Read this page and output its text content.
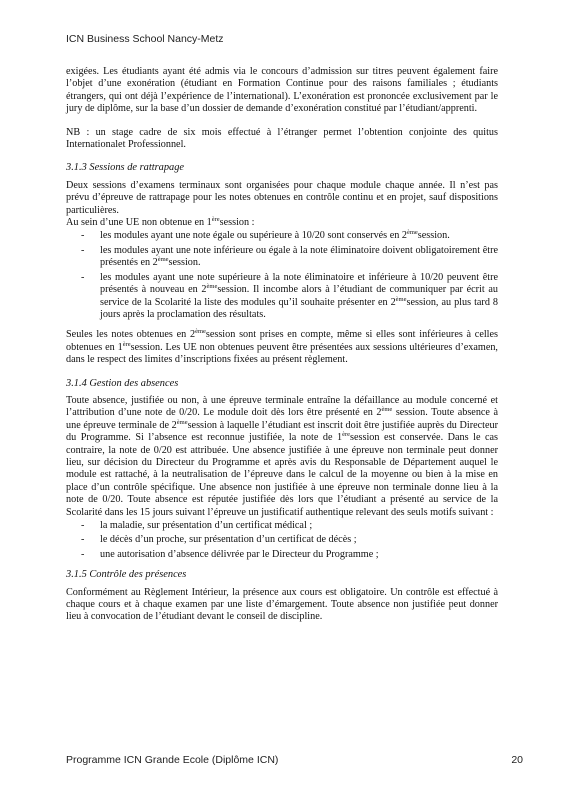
ICN Business School Nancy-Metz

exigées. Les étudiants ayant été admis via le concours d’admission sur titres peuvent également faire l’objet d’une exonération (étudiant en Formation Continue pour des raisons familiales ; étudiants étrangers, qui ont déjà l’expérience de l’international). L’exonération est prononcée exclusivement par le jury de diplôme, sur la base d’un dossier de demande d’exonération constitué par l’étudiant/apprenti.

NB : un stage cadre de six mois effectué à l’étranger permet l’obtention conjointe des quitus Internationalet Professionnel.

3.1.3 Sessions de rattrapage

Deux sessions d’examens terminaux sont organisées pour chaque module chaque année. Il n’est pas prévu d’épreuve de rattrapage pour les notes obtenues en contrôle continu et en projet, sauf dispositions particulières.

Au sein d’une UE non obtenue en 1èresession :

- les modules ayant une note égale ou supérieure à 10/20 sont conservés en 2èmesession.
- les modules ayant une note inférieure ou égale à la note éliminatoire doivent obligatoirement être présentés en 2èmesession.
- les modules ayant une note supérieure à la note éliminatoire et inférieure à 10/20 peuvent être présentés à nouveau en 2èmesession. Il incombe alors à l’étudiant de communiquer par écrit au service de la Scolarité la liste des modules qu’il souhaite présenter en 2èmesession, au plus tard 8 jours après la proclamation des résultats.

Seules les notes obtenues en 2èmesession sont prises en compte, même si elles sont inférieures à celles obtenues en 1èresession. Les UE non obtenues peuvent être présentées aux sessions ultérieures d’examen, dans le respect des limites d’inscriptions fixées au présent règlement.

3.1.4 Gestion des absences

Toute absence, justifiée ou non, à une épreuve terminale entraîne la défaillance au module concerné et l’attribution d’une note de 0/20. Le module doit dès lors être présenté en 2ème session. Toute absence à une épreuve terminale de 2èmesession à laquelle l’étudiant est inscrit doit être justifiée auprès du Directeur du Programme. Si l’absence est reconnue justifiée, la note de 1èresession est conservée. Dans le cas contraire, la note de 0/20 est attribuée. Une absence justifiée à une épreuve non terminale peut donner lieu, sur décision du Directeur du Programme et après avis du Responsable de Département auquel le module est rattaché, à la neutralisation de l’épreuve dans le calcul de la moyenne ou bien à la mise en place d’un contrôle spécifique. Une absence non justifiée à une épreuve non terminale donne lieu à la note de 0/20. Toute absence est réputée justifiée dès lors que l’étudiant a présenté au service de la Scolarité dans les 15 jours suivant l’épreuve un justificatif authentique relevant des seuls motifs suivant :

- la maladie, sur présentation d’un certificat médical ;
- le décès d’un proche, sur présentation d’un certificat de décès ;
- une autorisation d’absence délivrée par le Directeur du Programme ;
3.1.5 Contrôle des présences

Conformément au Règlement Intérieur, la présence aux cours est obligatoire. Un contrôle est effectué à chaque cours et à chaque examen par une liste d’émargement. Toute absence non justifiée peut donner lieu à convocation de l’étudiant devant le conseil de discipline.

Programme ICN Grande Ecole (Diplôme ICN)	20
